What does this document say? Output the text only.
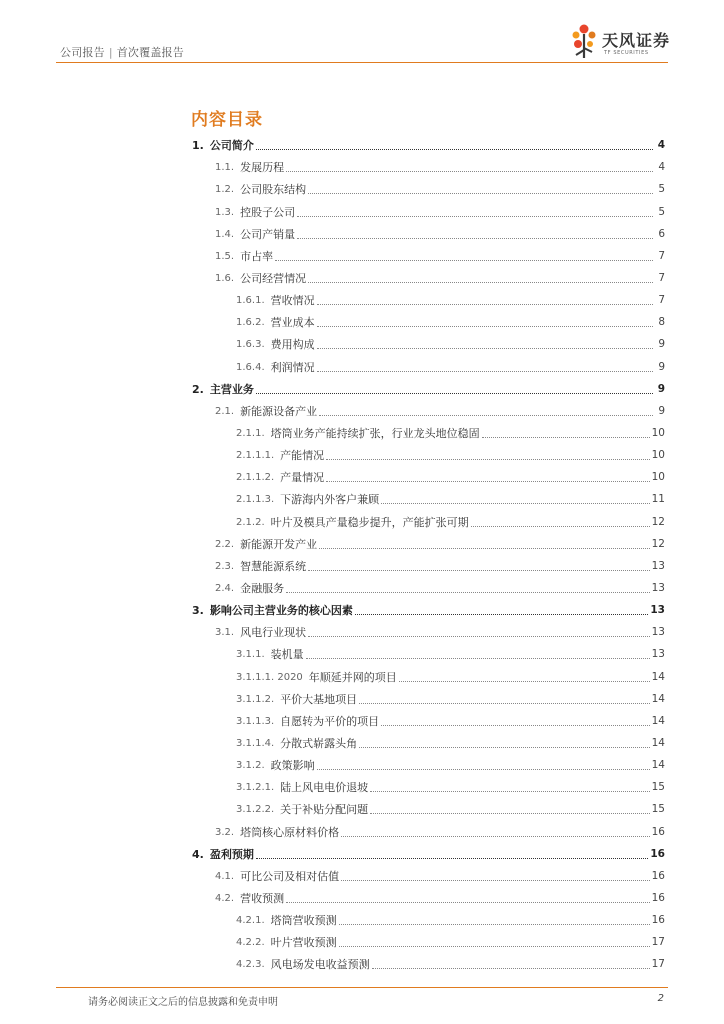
公司报告 | 首次覆盖报告
天风证券
TF SECURITIES
内容目录
1. 公司简介	4
1.1. 发展历程	4
1.2. 公司股东结构	5
1.3. 控股子公司	5
1.4. 公司产销量	6
1.5. 市占率	7
1.6. 公司经营情况	7
1.6.1. 营收情况	7
1.6.2. 营业成本	8
1.6.3. 费用构成	9
1.6.4. 利润情况	9
2. 主营业务	9
2.1. 新能源设备产业	9
2.1.1. 塔筒业务产能持续扩张，行业龙头地位稳固	10
2.1.1.1. 产能情况	10
2.1.1.2. 产量情况	10
2.1.1.3. 下游海内外客户兼顾	11
2.1.2. 叶片及模具产量稳步提升，产能扩张可期	12
2.2. 新能源开发产业	12
2.3. 智慧能源系统	13
2.4. 金融服务	13
3. 影响公司主营业务的核心因素	13
3.1. 风电行业现状	13
3.1.1. 装机量	13
3.1.1.1. 2020 年顺延并网的项目	14
3.1.1.2. 平价大基地项目	14
3.1.1.3. 自愿转为平价的项目	14
3.1.1.4. 分散式崭露头角	14
3.1.2. 政策影响	14
3.1.2.1. 陆上风电电价退坡	15
3.1.2.2. 关于补贴分配问题	15
3.2. 塔筒核心原材料价格	16
4. 盈利预期	16
4.1. 可比公司及相对估值	16
4.2. 营收预测	16
4.2.1. 塔筒营收预测	16
4.2.2. 叶片营收预测	17
4.2.3. 风电场发电收益预测	17
请务必阅读正文之后的信息披露和免责申明	2
